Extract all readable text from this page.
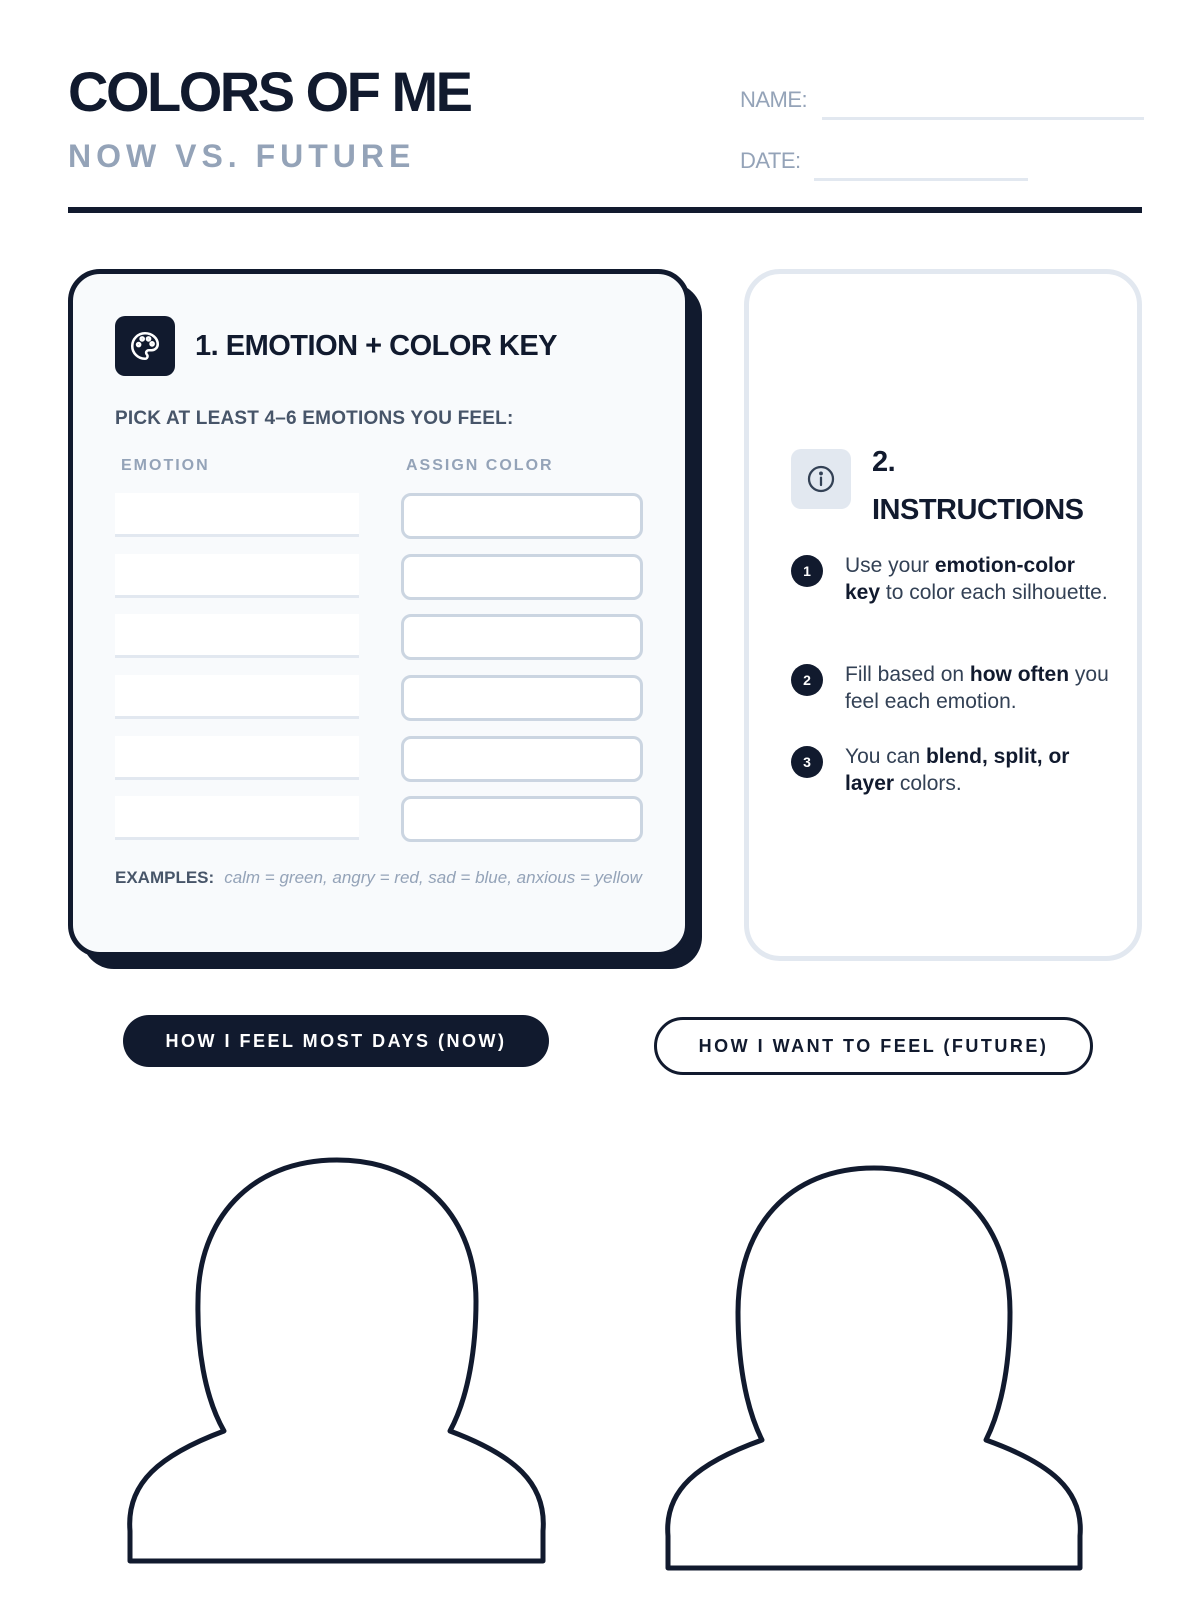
COLORS OF ME
NOW VS. FUTURE
NAME:
DATE:
1. EMOTION + COLOR KEY
PICK AT LEAST 4–6 EMOTIONS YOU FEEL:
EMOTION	ASSIGN COLOR
EXAMPLES: calm = green, angry = red, sad = blue, anxious = yellow
2.
INSTRUCTIONS
1	Use your emotion-color key to color each silhouette.
2	Fill based on how often you feel each emotion.
3	You can blend, split, or layer colors.
HOW I FEEL MOST DAYS (NOW)	HOW I WANT TO FEEL (FUTURE)
